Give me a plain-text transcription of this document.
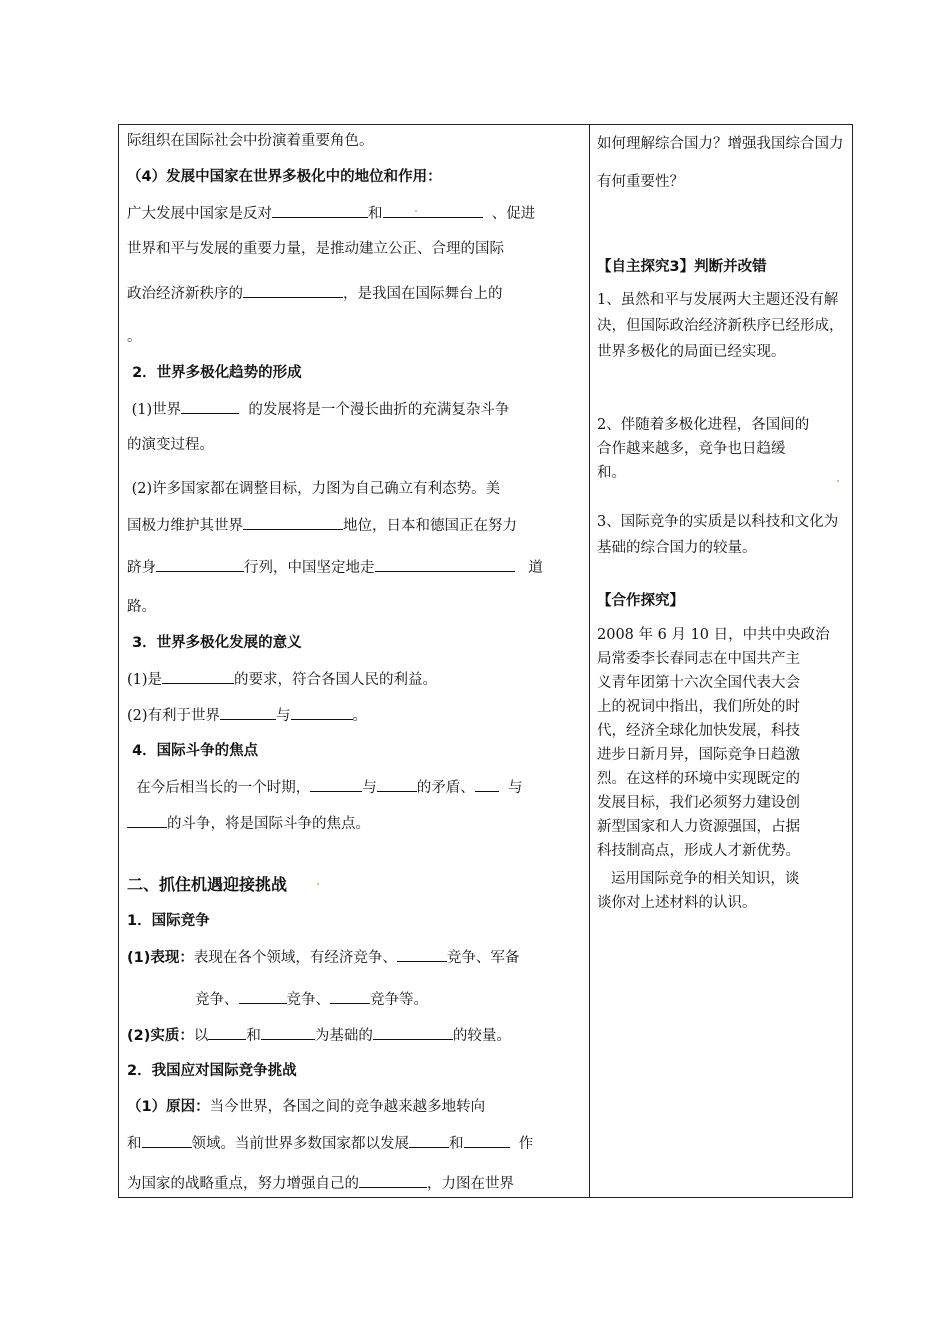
际组织在国际社会中扮演着重要角色。
（4）发展中国家在世界多极化中的地位和作用：
广大发展中国家是反对	和	、促进
世界和平与发展的重要力量，是推动建立公正、合理的国际
政治经济新秩序的	，是我国在国际舞台上的
。
2．世界多极化趋势的形成
(1)世界	的发展将是一个漫长曲折的充满复杂斗争
的演变过程。
(2)许多国家都在调整目标，力图为自己确立有利态势。美
国极力维护其世界	地位，日本和德国正在努力
跻身	行列，中国坚定地走	道
路。
3．世界多极化发展的意义
(1)是	的要求，符合各国人民的利益。
(2)有利于世界	与	。
4．国际斗争的焦点
在今后相当长的一个时期，	与	的矛盾、 与
的斗争，将是国际斗争的焦点。
二、抓住机遇迎接挑战
1．国际竞争
(1)表现：表现在各个领域，有经济竞争、	竞争、军备
竞争、	竞争、	竞争等。
(2)实质：以	和	为基础的	的较量。
2．我国应对国际竞争挑战
（1）原因：当今世界，各国之间的竞争越来越多地转向
和	领域。当前世界多数国家都以发展	和	作
为国家的战略重点，努力增强自己的	，力图在世界
如何理解综合国力？增强我国综合国力有何重要性？
【自主探究3】判断并改错
1、虽然和平与发展两大主题还没有解决，但国际政治经济新秩序已经形成，世界多极化的局面已经实现。
2、伴随着多极化进程，各国间的
合作越来越多，竞争也日趋缓
和。
3、国际竞争的实质是以科技和文化为基础的综合国力的较量。
【合作探究】
2008 年 6 月 10 日，中共中央政治
局常委李长春同志在中国共产主
义青年团第十六次全国代表大会
上的祝词中指出，我们所处的时
代，经济全球化加快发展，科技
进步日新月异，国际竞争日趋激
烈。在这样的环境中实现既定的
发展目标，我们必须努力建设创
新型国家和人力资源强国，占据
科技制高点，形成人才新优势。
运用国际竞争的相关知识，谈
谈你对上述材料的认识。
